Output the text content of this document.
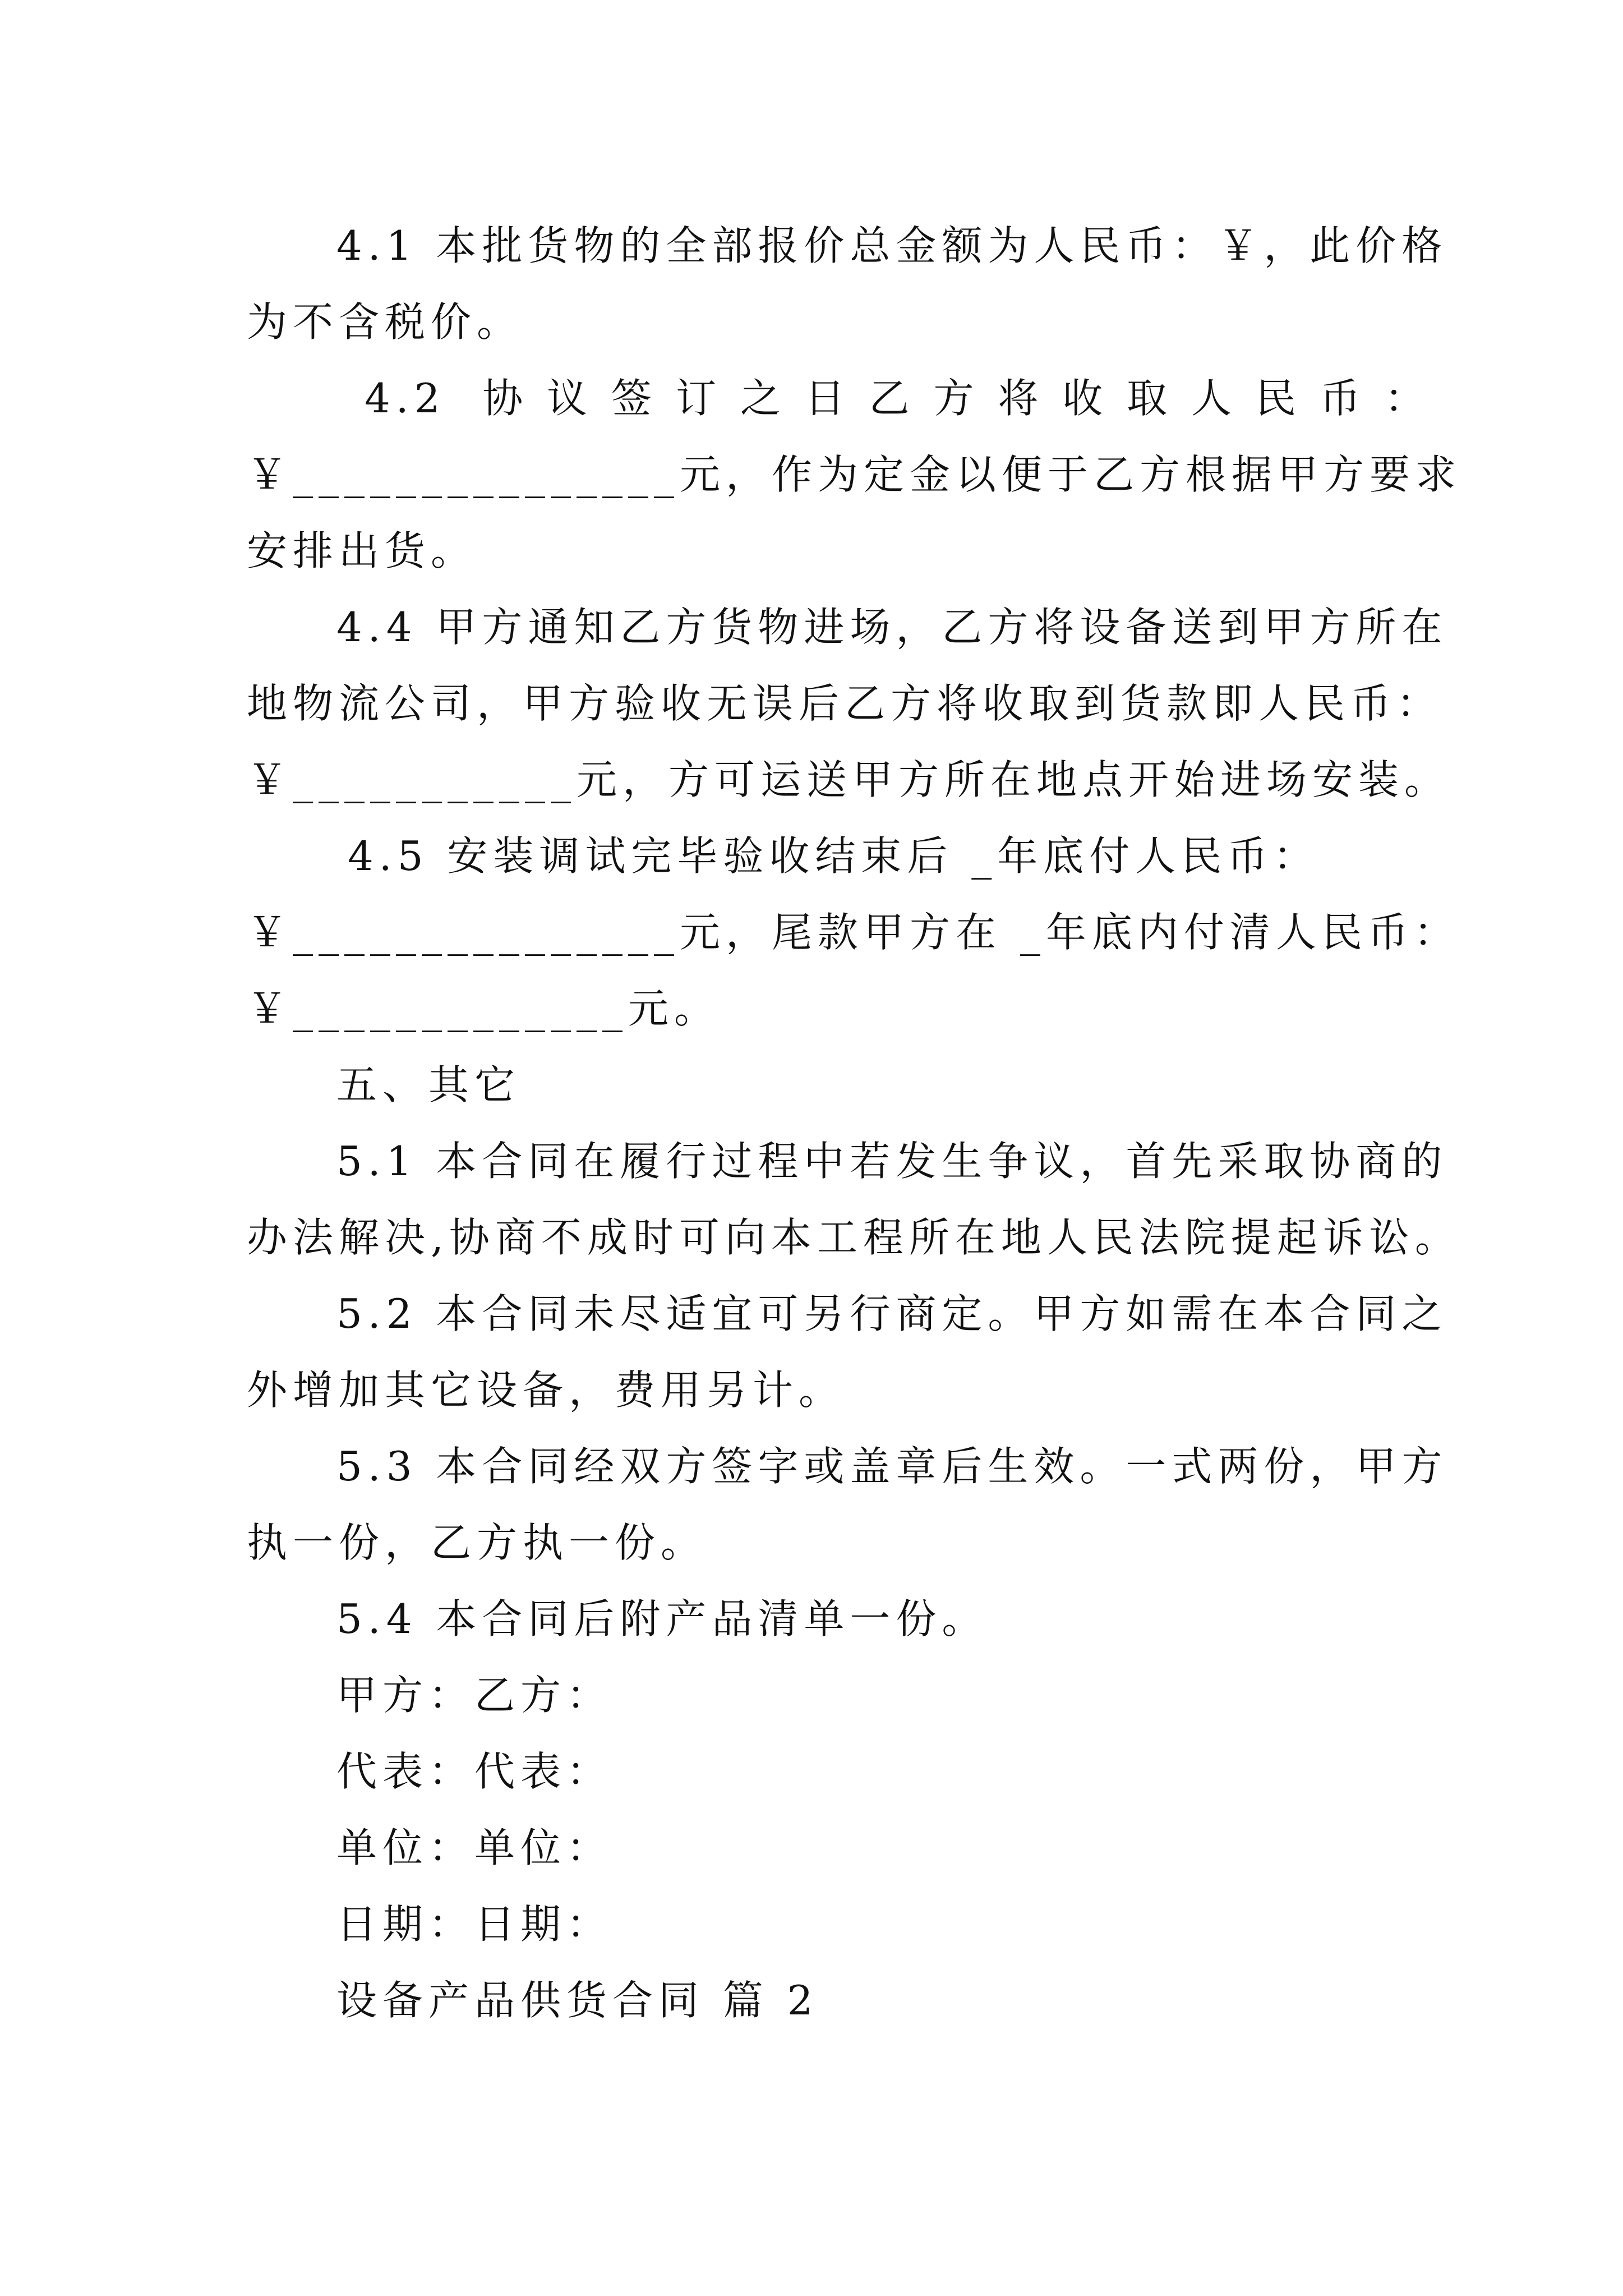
4.1 本批货物的全部报价总金额为人民币：￥，此价格
为不含税价。
4.2  协 议 签 订 之 日 乙 方 将 收 取 人 民 币 ：
￥_______________元，作为定金以便于乙方根据甲方要求
安排出货。
4.4 甲方通知乙方货物进场，乙方将设备送到甲方所在
地物流公司，甲方验收无误后乙方将收取到货款即人民币：
￥___________元，方可运送甲方所在地点开始进场安装。
4.5 安装调试完毕验收结束后 _年底付人民币：
￥_______________元，尾款甲方在 _年底内付清人民币：
￥_____________元。
五、其它
5.1 本合同在履行过程中若发生争议，首先采取协商的
办法解决,协商不成时可向本工程所在地人民法院提起诉讼。
5.2 本合同未尽适宜可另行商定。甲方如需在本合同之
外增加其它设备，费用另计。
5.3 本合同经双方签字或盖章后生效。一式两份，甲方
执一份，乙方执一份。
5.4 本合同后附产品清单一份。
甲方：乙方：
代表：代表：
单位：单位：
日期：日期：
设备产品供货合同 篇 2
